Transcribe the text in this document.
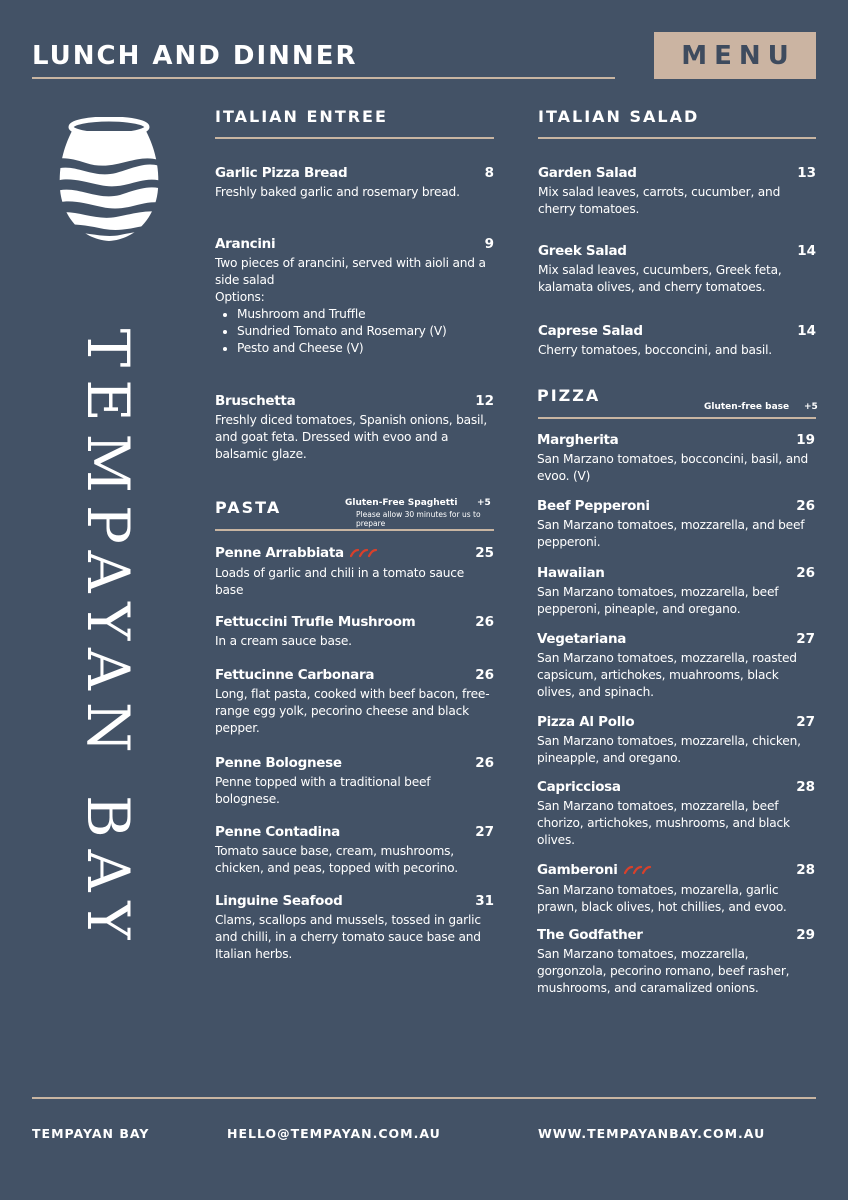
LUNCH AND DINNER	MENU
TEMPAYAN BAY
ITALIAN ENTREE
Garlic Pizza Bread	8
Freshly baked garlic and rosemary bread.
Arancini	9
Two pieces of arancini, served with aioli and a side salad
Options:
Mushroom and Truffle
Sundried Tomato and Rosemary (V)
Pesto and Cheese (V)
Bruschetta	12
Freshly diced tomatoes, Spanish onions, basil, and goat feta. Dressed with evoo and a balsamic glaze.
PASTA	Gluten-Free Spaghetti +5
Please allow 30 minutes for us to prepare
Penne Arrabbiata	25
Loads of garlic and chili in a tomato sauce base
Fettuccini Trufle Mushroom	26
In a cream sauce base.
Fettucinne Carbonara	26
Long, flat pasta, cooked with beef bacon, free-range egg yolk, pecorino cheese and black pepper.
Penne Bolognese	26
Penne topped with a traditional beef bolognese.
Penne Contadina	27
Tomato sauce base, cream, mushrooms, chicken, and peas, topped with pecorino.
Linguine Seafood	31
Clams, scallops and mussels, tossed in garlic and chilli, in a cherry tomato sauce base and Italian herbs.
ITALIAN SALAD
Garden Salad	13
Mix salad leaves, carrots, cucumber, and cherry tomatoes.
Greek Salad	14
Mix salad leaves, cucumbers, Greek feta, kalamata olives, and cherry tomatoes.
Caprese Salad	14
Cherry tomatoes, bocconcini, and basil.
PIZZA
Gluten-free base +5
Margherita	19
San Marzano tomatoes, bocconcini, basil, and evoo. (V)
Beef Pepperoni	26
San Marzano tomatoes, mozzarella, and beef pepperoni.
Hawaiian	26
San Marzano tomatoes, mozzarella, beef pepperoni, pineaple, and oregano.
Vegetariana	27
San Marzano tomatoes, mozzarella, roasted capsicum, artichokes, muahrooms, black olives, and spinach.
Pizza Al Pollo	27
San Marzano tomatoes, mozzarella, chicken, pineapple, and oregano.
Capricciosa	28
San Marzano tomatoes, mozzarella, beef chorizo, artichokes, mushrooms, and black olives.
Gamberoni	28
San Marzano tomatoes, mozarella, garlic prawn, black olives, hot chillies, and evoo.
The Godfather	29
San Marzano tomatoes, mozzarella, gorgonzola, pecorino romano, beef rasher, mushrooms, and caramalized onions.
TEMPAYAN BAY	HELLO@TEMPAYAN.COM.AU	WWW.TEMPAYANBAY.COM.AU
